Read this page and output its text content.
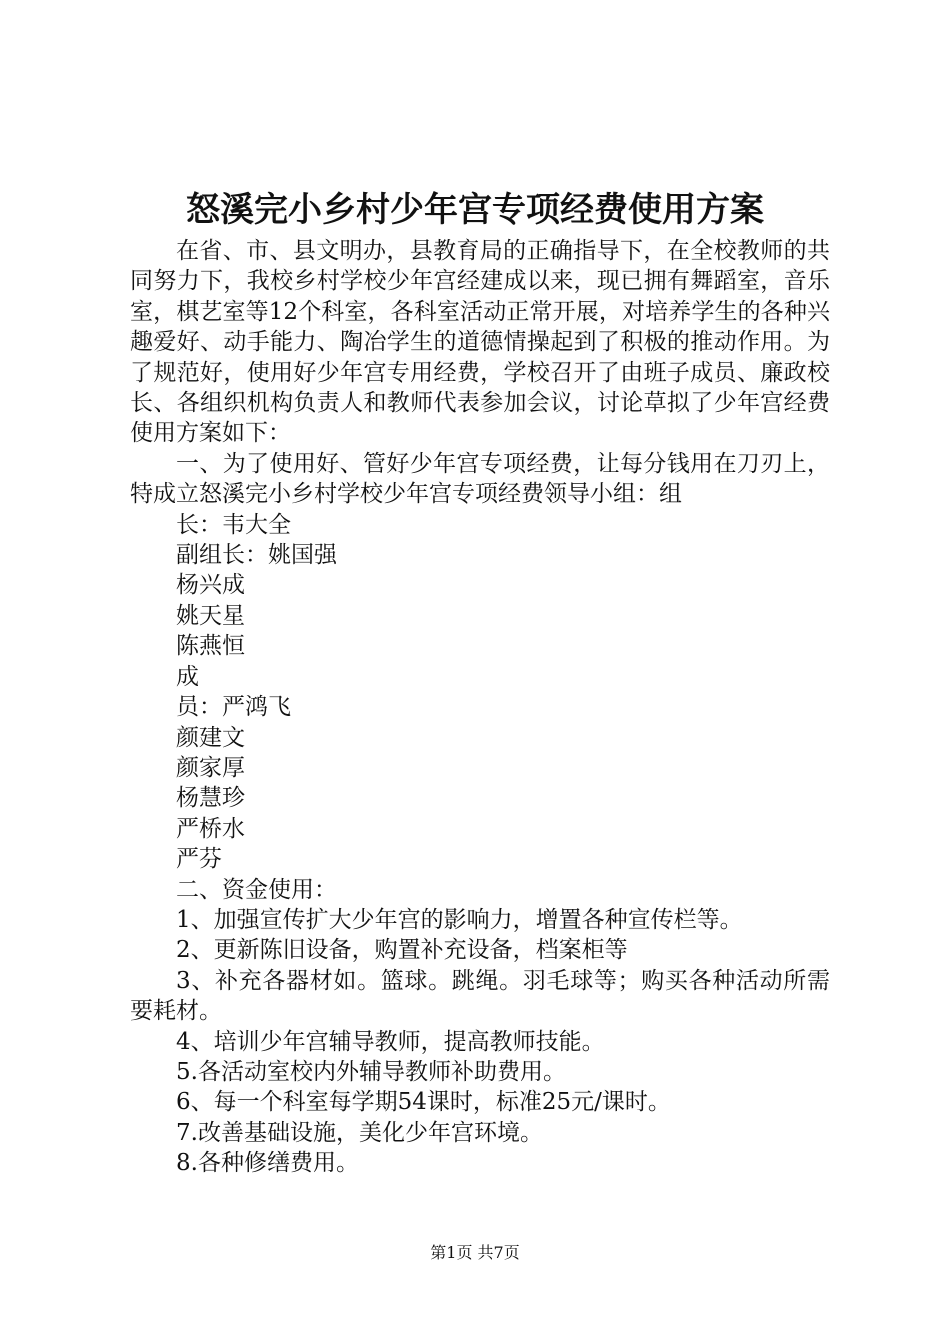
怒溪完小乡村少年宫专项经费使用方案

在省、市、县文明办，县教育局的正确指导下，在全校教师的共同努力下，我校乡村学校少年宫经建成以来，现已拥有舞蹈室，音乐室，棋艺室等12个科室，各科室活动正常开展，对培养学生的各种兴趣爱好、动手能力、陶冶学生的道德情操起到了积极的推动作用。为了规范好，使用好少年宫专用经费，学校召开了由班子成员、廉政校长、各组织机构负责人和教师代表参加会议，讨论草拟了少年宫经费使用方案如下：

一、为了使用好、管好少年宫专项经费，让每分钱用在刀刃上，特成立怒溪完小乡村学校少年宫专项经费领导小组：组

长：韦大全

副组长：姚国强

杨兴成

姚天星

陈燕恒

成

员：严鸿飞

颜建文

颜家厚

杨慧珍

严桥水

严芬

二、资金使用：

1、加强宣传扩大少年宫的影响力，增置各种宣传栏等。

2、更新陈旧设备，购置补充设备，档案柜等

3、补充各器材如。篮球。跳绳。羽毛球等；购买各种活动所需要耗材。

4、培训少年宫辅导教师，提高教师技能。

5.各活动室校内外辅导教师补助费用。

6、每一个科室每学期54课时，标准25元/课时。

7.改善基础设施，美化少年宫环境。

8.各种修缮费用。

第1页 共7页
